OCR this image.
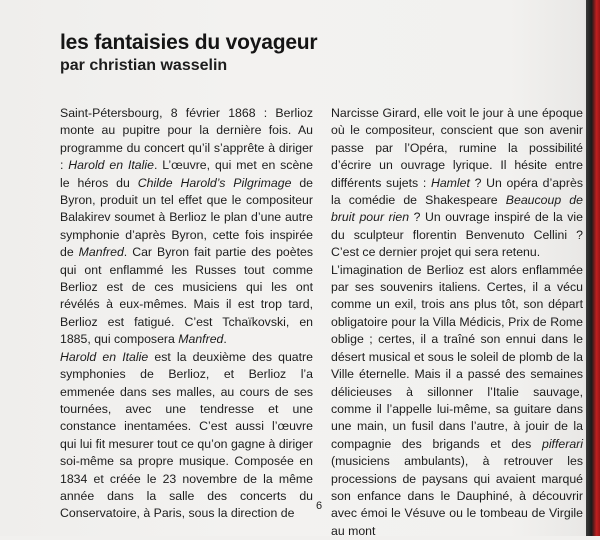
les fantaisies du voyageur
par christian wasselin

Saint-Pétersbourg, 8 février 1868 : Berlioz monte au pupitre pour la dernière fois. Au programme du concert qu’il s’apprête à diriger : Harold en Italie. L’œuvre, qui met en scène le héros du Childe Harold’s Pilgrimage de Byron, produit un tel effet que le compositeur Balakirev soumet à Berlioz le plan d’une autre symphonie d’après Byron, cette fois inspirée de Manfred. Car Byron fait partie des poètes qui ont enflammé les Russes tout comme Berlioz est de ces musiciens qui les ont révélés à eux-mêmes. Mais il est trop tard, Berlioz est fatigué. C’est Tchaïkovski, en 1885, qui composera Manfred.

Harold en Italie est la deuxième des quatre symphonies de Berlioz, et Berlioz l’a emmenée dans ses malles, au cours de ses tournées, avec une tendresse et une constance inentamées. C’est aussi l’œuvre qui lui fit mesurer tout ce qu’on gagne à diriger soi-même sa propre musique. Composée en 1834 et créée le 23 novembre de la même année dans la salle des concerts du Conservatoire, à Paris, sous la direction de

Narcisse Girard, elle voit le jour à une époque où le compositeur, conscient que son avenir passe par l’Opéra, rumine la possibilité d’écrire un ouvrage lyrique. Il hésite entre différents sujets : Hamlet ? Un opéra d’après la comédie de Shakespeare Beaucoup de bruit pour rien ? Un ouvrage inspiré de la vie du sculpteur florentin Benvenuto Cellini ? C’est ce dernier projet qui sera retenu.

L’imagination de Berlioz est alors enflammée par ses souvenirs italiens. Certes, il a vécu comme un exil, trois ans plus tôt, son départ obligatoire pour la Villa Médicis, Prix de Rome oblige ; certes, il a traîné son ennui dans le désert musical et sous le soleil de plomb de la Ville éternelle. Mais il a passé des semaines délicieuses à sillonner l’Italie sauvage, comme il l’appelle lui-même, sa guitare dans une main, un fusil dans l’autre, à jouir de la compagnie des brigands et des pifferari (musiciens ambulants), à retrouver les processions de paysans qui avaient marqué son enfance dans le Dauphiné, à découvrir avec émoi le Vésuve ou le tombeau de Virgile au mont

6
